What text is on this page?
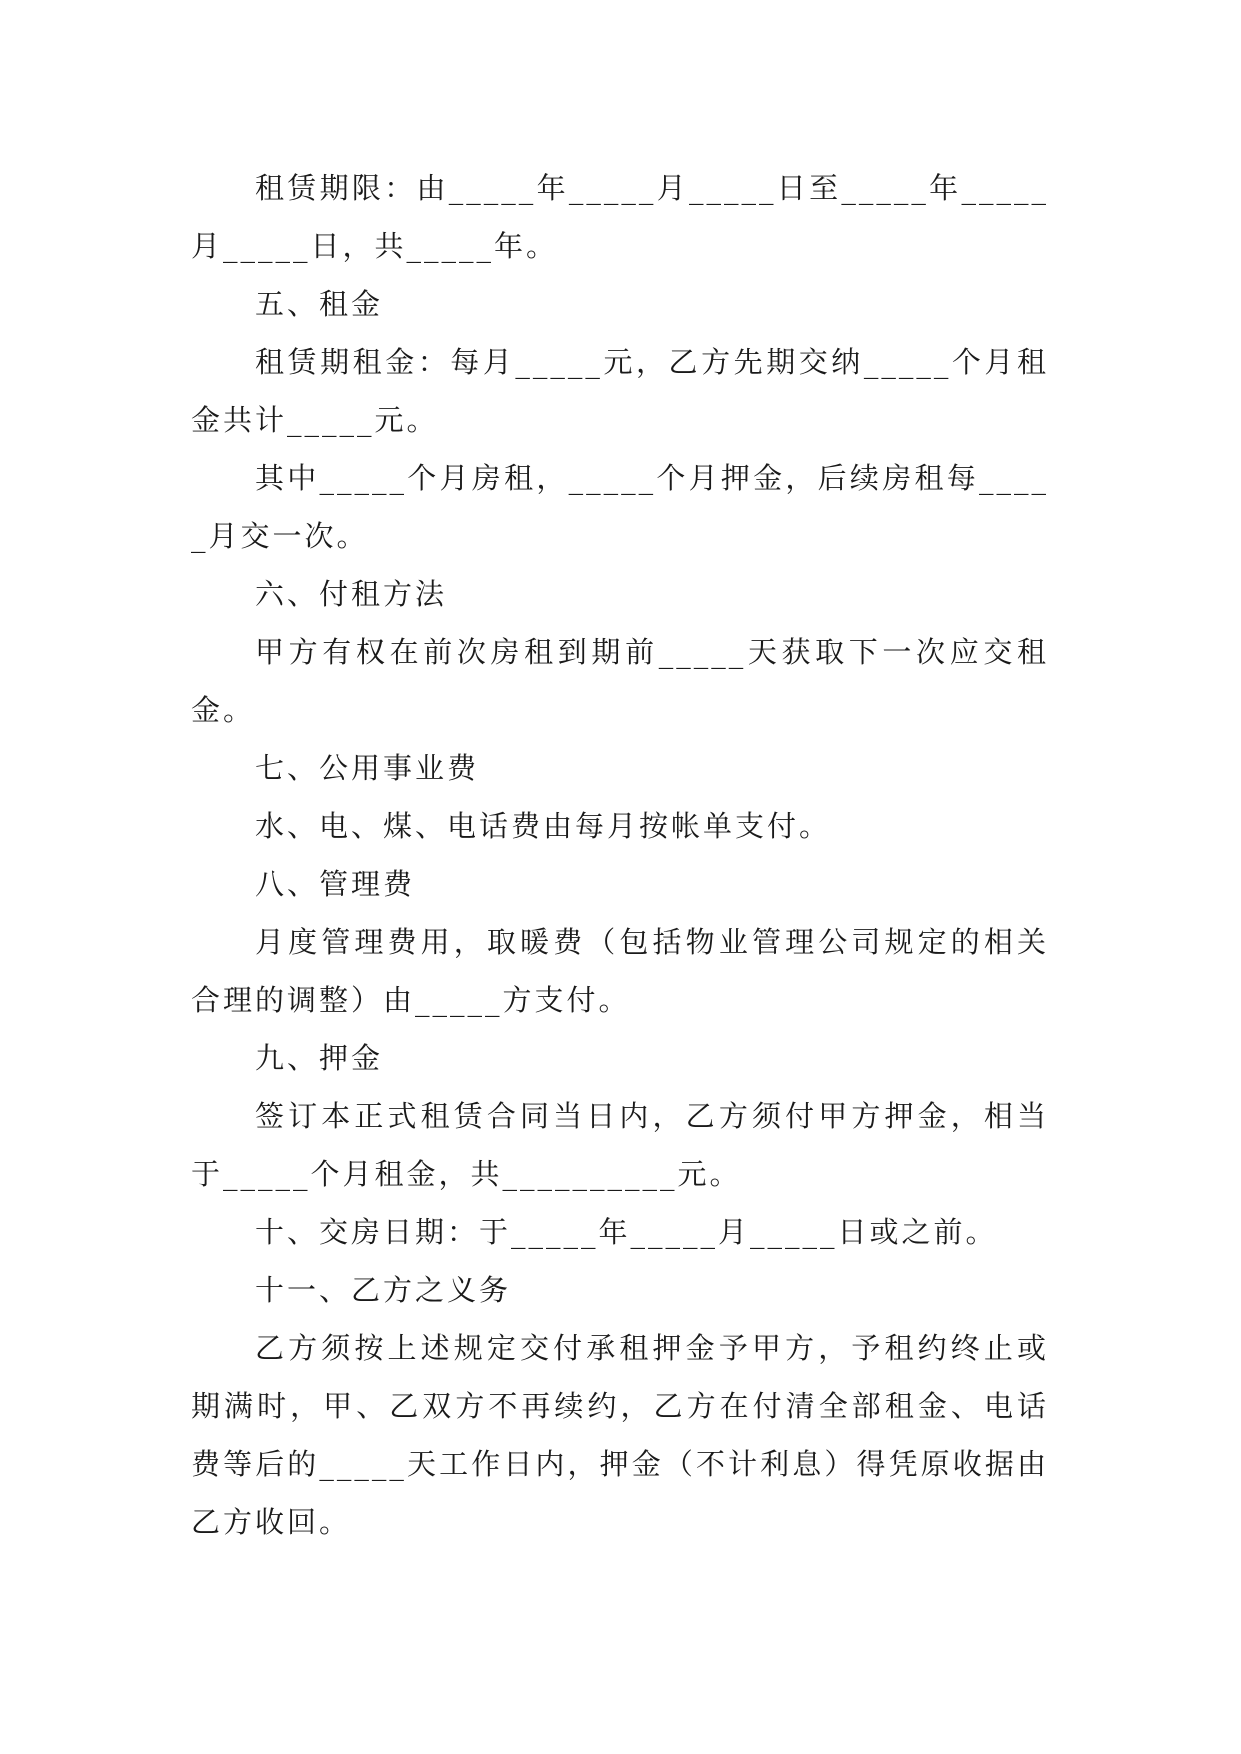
租赁期限：由_____年_____月_____日至_____年_____月_____日，共_____年。

五、租金

租赁期租金：每月_____元，乙方先期交纳_____个月租金共计_____元。

其中_____个月房租，_____个月押金，后续房租每_____月交一次。

六、付租方法

甲方有权在前次房租到期前_____天获取下一次应交租金。

七、公用事业费

水、电、煤、电话费由每月按帐单支付。

八、管理费

月度管理费用，取暖费（包括物业管理公司规定的相关合理的调整）由_____方支付。

九、押金

签订本正式租赁合同当日内，乙方须付甲方押金，相当于_____个月租金，共__________元。

十、交房日期：于_____年_____月_____日或之前。

十一、乙方之义务

乙方须按上述规定交付承租押金予甲方，予租约终止或期满时，甲、乙双方不再续约，乙方在付清全部租金、电话费等后的_____天工作日内，押金（不计利息）得凭原收据由乙方收回。
